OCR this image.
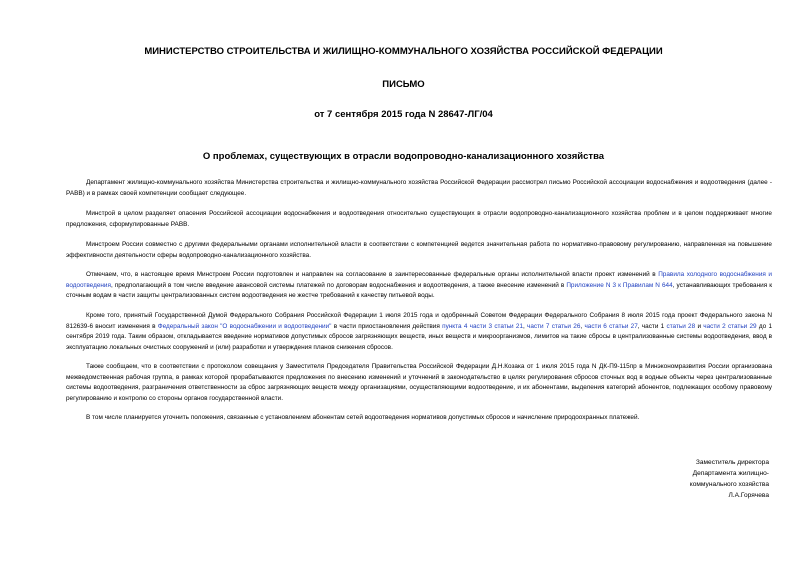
МИНИСТЕРСТВО СТРОИТЕЛЬСТВА И ЖИЛИЩНО-КОММУНАЛЬНОГО ХОЗЯЙСТВА РОССИЙСКОЙ ФЕДЕРАЦИИ
ПИСЬМО
от 7 сентября 2015 года N 28647-ЛГ/04
О проблемах, существующих в отрасли водопроводно-канализационного хозяйства
Департамент жилищно-коммунального хозяйства Министерства строительства и жилищно-коммунального хозяйства Российской Федерации рассмотрел письмо Российской ассоциации водоснабжения и водоотведения (далее - РАВВ) и в рамках своей компетенции сообщает следующее.
Минстрой в целом разделяет опасения Российской ассоциации водоснабжения и водоотведения относительно существующих в отрасли водопроводно-канализационного хозяйства проблем и в целом поддерживает многие предложения, сформулированные РАВВ.
Минстроем России совместно с другими федеральными органами исполнительной власти в соответствии с компетенцией ведется значительная работа по нормативно-правовому регулированию, направленная на повышение эффективности деятельности сферы водопроводно-канализационного хозяйства.
Отмечаем, что, в настоящее время Минстроем России подготовлен и направлен на согласование в заинтересованные федеральные органы исполнительной власти проект изменений в Правила холодного водоснабжения и водоотведения, предполагающий в том числе введение авансовой системы платежей по договорам водоснабжения и водоотведения, а также внесение изменений в Приложение N 3 к Правилам N 644, устанавливающих требования к сточным водам в части защиты централизованных систем водоотведения не жестче требований к качеству питьевой воды.
Кроме того, принятый Государственной Думой Федерального Собрания Российской Федерации 1 июля 2015 года и одобренный Советом Федерации Федерального Собрания 8 июля 2015 года проект Федерального закона N 812639-6 вносит изменения в Федеральный закон "О водоснабжении и водоотведении" в части приостановления действия пункта 4 части 3 статьи 21, части 7 статьи 26, части 6 статьи 27, части 1 статьи 28 и части 2 статьи 29 до 1 сентября 2019 года. Таким образом, откладывается введение нормативов допустимых сбросов загрязняющих веществ, иных веществ и микроорганизмов, лимитов на такие сбросы в централизованные системы водоотведения, ввод в эксплуатацию локальных очистных сооружений и (или) разработки и утверждения планов снижения сбросов.
Также сообщаем, что в соответствии с протоколом совещания у Заместителя Председателя Правительства Российской Федерации Д.Н.Козака от 1 июля 2015 года N ДК-П9-115пр в Минэкономразвития России организована межведомственная рабочая группа, в рамках которой прорабатываются предложения по внесению изменений и уточнений в законодательство в целях регулирования сбросов сточных вод в водные объекты через централизованные системы водоотведения, разграничения ответственности за сброс загрязняющих веществ между организациями, осуществляющими водоотведение, и их абонентами, выделения категорий абонентов, подлежащих особому правовому регулированию и контролю со стороны органов государственной власти.
В том числе планируется уточнить положения, связанные с установлением абонентам сетей водоотведения нормативов допустимых сбросов и начисление природоохранных платежей.
Заместитель директора
Департамента жилищно-
коммунального хозяйства
Л.А.Горячева
